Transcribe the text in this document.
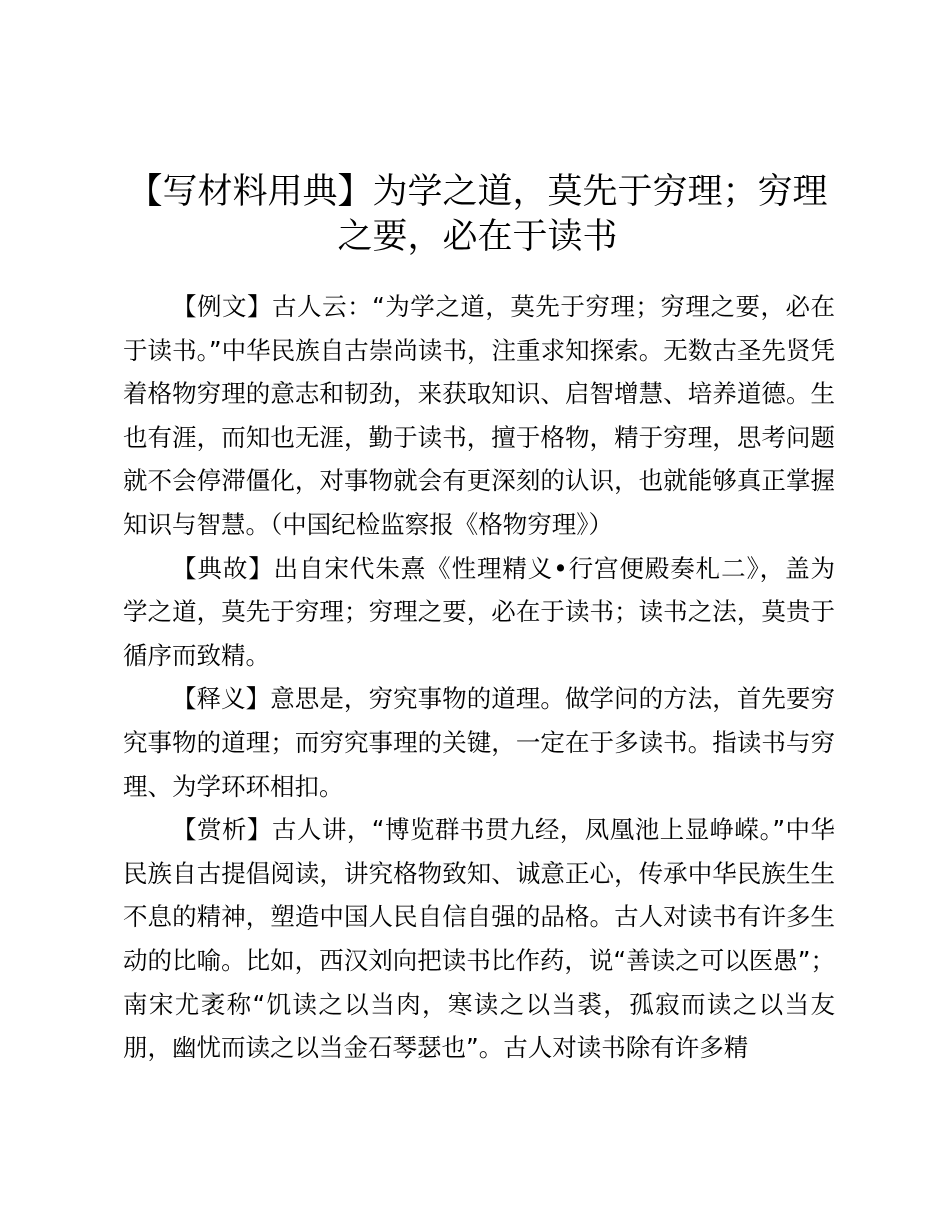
【写材料用典】为学之道，莫先于穷理；穷理之要，必在于读书

【例文】古人云：“为学之道，莫先于穷理；穷理之要，必在于读书。”中华民族自古崇尚读书，注重求知探索。无数古圣先贤凭着格物穷理的意志和韧劲，来获取知识、启智增慧、培养道德。生也有涯，而知也无涯，勤于读书，擅于格物，精于穷理，思考问题就不会停滞僵化，对事物就会有更深刻的认识，也就能够真正掌握知识与智慧。（中国纪检监察报《格物穷理》）

【典故】出自宋代朱熹《性理精义•行宫便殿奏札二》，盖为学之道，莫先于穷理；穷理之要，必在于读书；读书之法，莫贵于循序而致精。

【释义】意思是，穷究事物的道理。做学问的方法，首先要穷究事物的道理；而穷究事理的关键，一定在于多读书。指读书与穷理、为学环环相扣。

【赏析】古人讲，“博览群书贯九经，凤凰池上显峥嵘。”中华民族自古提倡阅读，讲究格物致知、诚意正心，传承中华民族生生不息的精神，塑造中国人民自信自强的品格。古人对读书有许多生动的比喻。比如，西汉刘向把读书比作药，说“善读之可以医愚”；南宋尤袤称“饥读之以当肉，寒读之以当裘，孤寂而读之以当友朋，幽忧而读之以当金石琴瑟也”。古人对读书除有许多精
